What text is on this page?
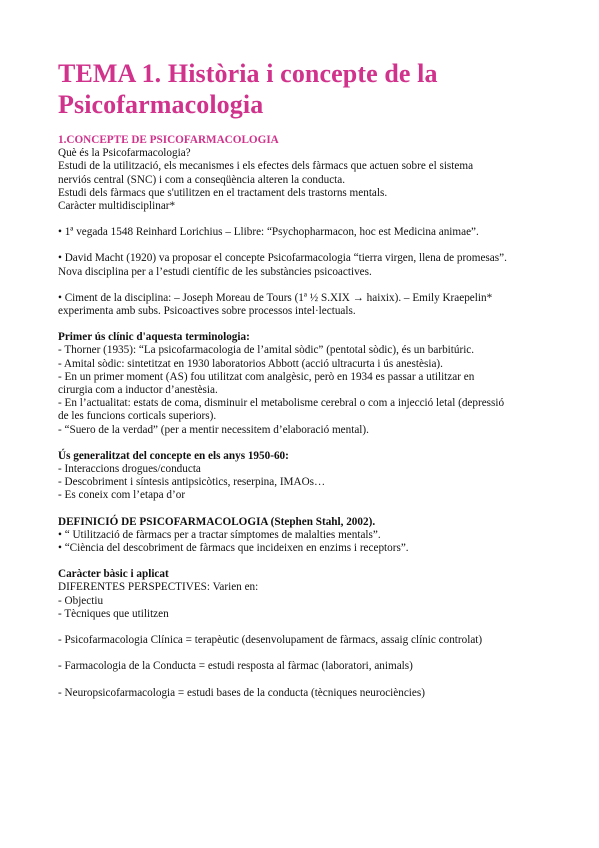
TEMA 1. Història i concepte de la Psicofarmacologia
1.CONCEPTE DE PSICOFARMACOLOGIA
Què és la Psicofarmacologia?
Estudi de la utilització, els mecanismes i els efectes dels fàrmacs que actuen sobre el sistema
nerviós central (SNC) i com a conseqüència alteren la conducta.
Estudi dels fàrmacs que s'utilitzen en el tractament dels trastorns mentals.
Caràcter multidisciplinar*
• 1ª vegada 1548 Reinhard Lorichius – Llibre: “Psychopharmacon, hoc est Medicina animae”.
• David Macht (1920) va proposar el concepte Psicofarmacologia “tierra virgen, llena de promesas”.
Nova disciplina per a l’estudi científic de les substàncies psicoactives.
• Ciment de la disciplina: – Joseph Moreau de Tours (1ª ½ S.XIX → haixix). – Emily Kraepelin*
experimenta amb subs. Psicoactives sobre processos intel·lectuals.
Primer ús clínic d'aquesta terminologia:
- Thorner (1935): “La psicofarmacologia de l’amital sòdic” (pentotal sòdic), és un barbitúric.
- Amital sòdic: sintetitzat en 1930 laboratorios Abbott (acció ultracurta i ús anestèsia).
- En un primer moment (AS) fou utilitzat com analgèsic, però en 1934 es passar a utilitzar en
cirurgia com a inductor d’anestèsia.
- En l’actualitat: estats de coma, disminuir el metabolisme cerebral o com a injecció letal (depressió
de les funcions corticals superiors).
- “Suero de la verdad” (per a mentir necessitem d’elaboració mental).
Ús generalitzat del concepte en els anys 1950-60:
- Interaccions drogues/conducta
- Descobriment i síntesis antipsicòtics, reserpina, IMAOs…
- Es coneix com l’etapa d’or
DEFINICIÓ DE PSICOFARMACOLOGIA (Stephen Stahl, 2002).
• “ Utilització de fàrmacs per a tractar símptomes de malalties mentals”.
• “Ciència del descobriment de fàrmacs que incideixen en enzims i receptors”.
Caràcter bàsic i aplicat
DIFERENTES PERSPECTIVES: Varien en:
- Objectiu
- Tècniques que utilitzen
- Psicofarmacologia Clínica = terapèutic (desenvolupament de fàrmacs, assaig clínic controlat)
- Farmacologia de la Conducta = estudi resposta al fàrmac (laboratori, animals)
- Neuropsicofarmacologia = estudi bases de la conducta (tècniques neurociències)
